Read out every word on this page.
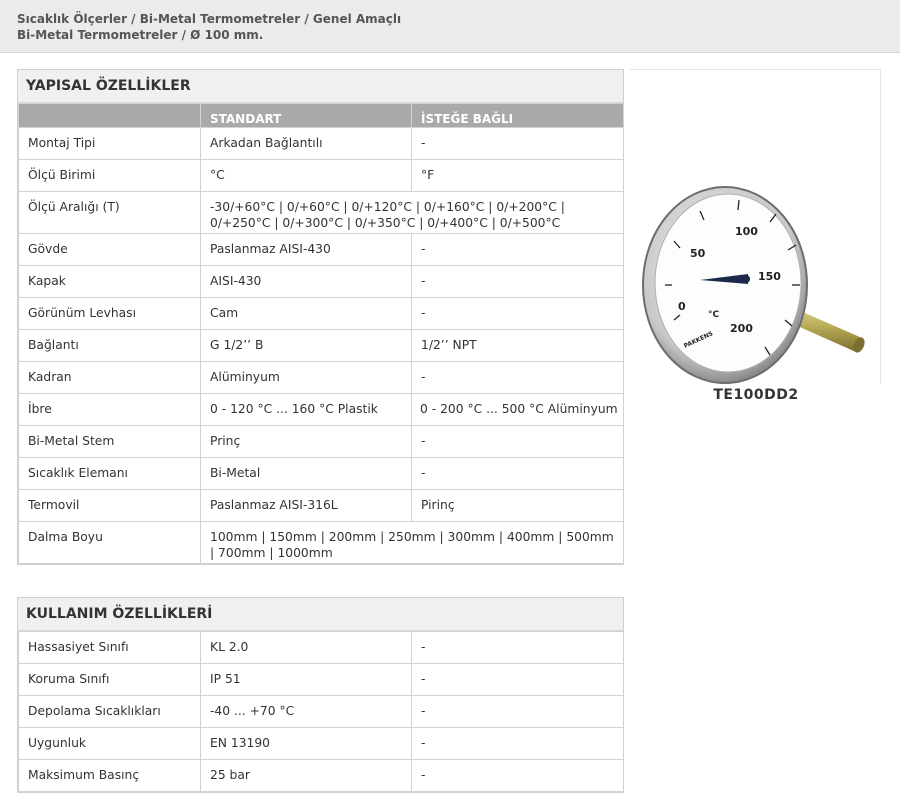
Sıcaklık Ölçerler / Bi-Metal Termometreler / Genel Amaçlı
Bi-Metal Termometreler / Ø 100 mm.
YAPISAL ÖZELLİKLER
	STANDART	İSTEĞE BAĞLI
Montaj Tipi	Arkadan Bağlantılı	-
Ölçü Birimi	°C	°F
Ölçü Aralığı (T)	-30/+60°C | 0/+60°C | 0/+120°C | 0/+160°C | 0/+200°C | 0/+250°C | 0/+300°C | 0/+350°C | 0/+400°C | 0/+500°C	
Gövde	Paslanmaz AISI-430	-
Kapak	AISI-430	-
Görünüm Levhası	Cam	-
Bağlantı	G 1/2’’ B	1/2’’ NPT
Kadran	Alüminyum	-
İbre	0 - 120 °C ... 160 °C Plastik	0 - 200 °C ... 500 °C Alüminyum
Bi-Metal Stem	Prinç	-
Sıcaklık Elemanı	Bi-Metal	-
Termovil	Paslanmaz AISI-316L	Pirinç
Dalma Boyu	100mm | 150mm | 200mm | 250mm | 300mm | 400mm | 500mm | 700mm | 1000mm	
KULLANIM ÖZELLİKLERİ
Hassasiyet Sınıfı	KL 2.0	-
Koruma Sınıfı	IP 51	-
Depolama Sıcaklıkları	-40 ... +70 °C	-
Uygunluk	EN 13190	-
Maksimum Basınç	25 bar	-
0
50
100
150
200
°C
PAKKENS
TE100DD2
